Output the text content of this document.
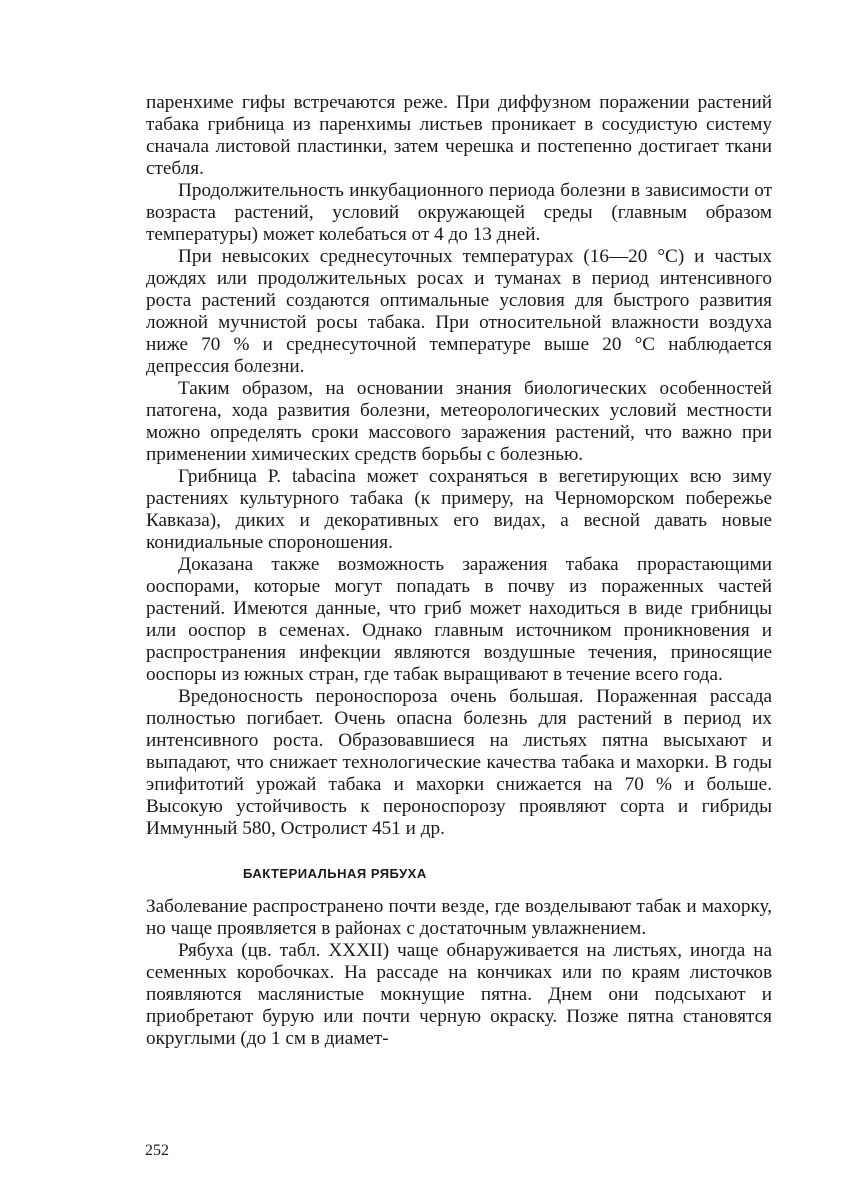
паренхиме гифы встречаются реже. При диффузном поражении растений табака грибница из паренхимы листьев проникает в сосудистую систему сначала листовой пластинки, затем черешка и постепенно достигает ткани стебля.

Продолжительность инкубационного периода болезни в зависимости от возраста растений, условий окружающей среды (главным образом температуры) может колебаться от 4 до 13 дней.

При невысоких среднесуточных температурах (16—20 °С) и частых дождях или продолжительных росах и туманах в период интенсивного роста растений создаются оптимальные условия для быстрого развития ложной мучнистой росы табака. При относительной влажности воздуха ниже 70 % и среднесуточной температуре выше 20 °С наблюдается депрессия болезни.

Таким образом, на основании знания биологических особенностей патогена, хода развития болезни, метеорологических условий местности можно определять сроки массового заражения растений, что важно при применении химических средств борьбы с болезнью.

Грибница P. tabacina может сохраняться в вегетирующих всю зиму растениях культурного табака (к примеру, на Черноморском побережье Кавказа), диких и декоративных его видах, а весной давать новые конидиальные спороношения.

Доказана также возможность заражения табака прорастающими ооспорами, которые могут попадать в почву из пораженных частей растений. Имеются данные, что гриб может находиться в виде грибницы или ооспор в семенах. Однако главным источником проникновения и распространения инфекции являются воздушные течения, приносящие ооспоры из южных стран, где табак выращивают в течение всего года.

Вредоносность пероноспороза очень большая. Пораженная рассада полностью погибает. Очень опасна болезнь для растений в период их интенсивного роста. Образовавшиеся на листьях пятна высыхают и выпадают, что снижает технологические качества табака и махорки. В годы эпифитотий урожай табака и махорки снижается на 70 % и больше. Высокую устойчивость к пероноспорозу проявляют сорта и гибриды Иммунный 580, Остролист 451 и др.

БАКТЕРИАЛЬНАЯ РЯБУХА

Заболевание распространено почти везде, где возделывают табак и махорку, но чаще проявляется в районах с достаточным увлажнением.

Рябуха (цв. табл. XXXII) чаще обнаруживается на листьях, иногда на семенных коробочках. На рассаде на кончиках или по краям листочков появляются маслянистые мокнущие пятна. Днем они подсыхают и приобретают бурую или почти черную окраску. Позже пятна становятся округлыми (до 1 см в диамет-

252
